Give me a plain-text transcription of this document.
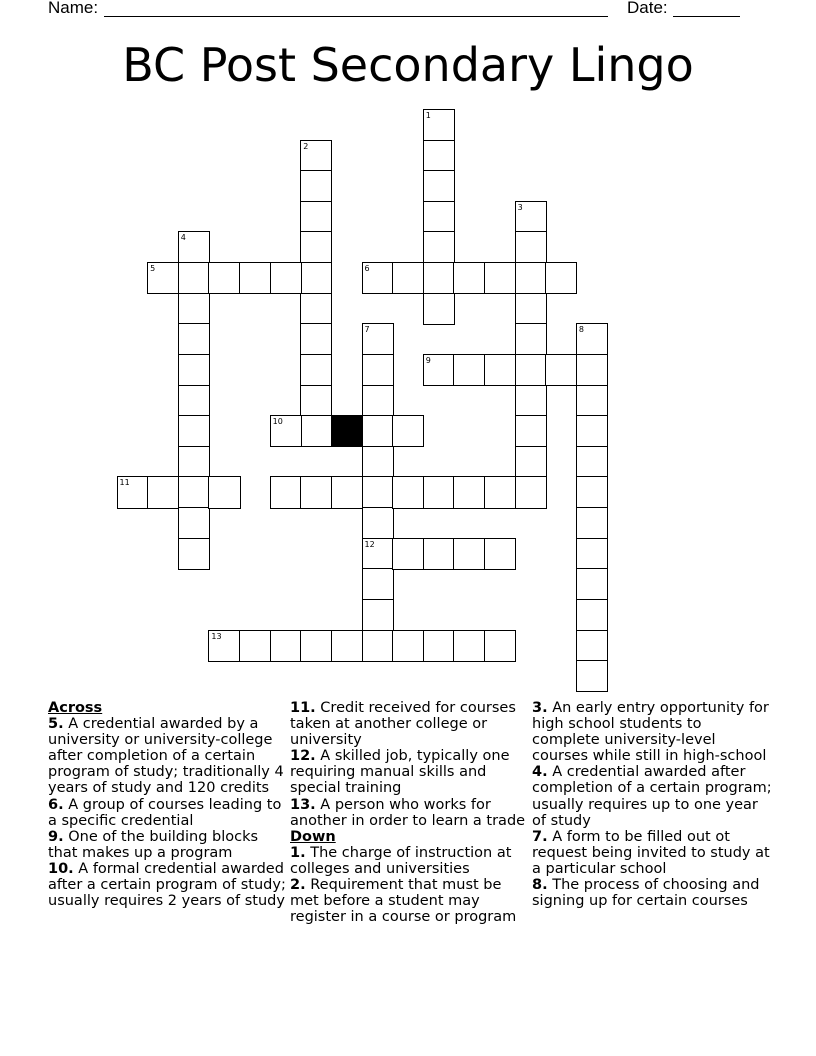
Name:	Date:
BC Post Secondary Lingo
1
2
3
4
5	6
7
12
9
8
10
11
13
Across
5. A credential awarded by a university or university-college after completion of a certain program of study; traditionally 4 years of study and 120 credits
6. A group of courses leading to a specific credential
9. One of the building blocks that makes up a program
10. A formal credential awarded after a certain program of study; usually requires 2 years of study
11. Credit received for courses taken at another college or university
12. A skilled job, typically one requiring manual skills and special training
13. A person who works for another in order to learn a trade
Down
1. The charge of instruction at colleges and universities
2. Requirement that must be met before a student may register in a course or program
3. An early entry opportunity for high school students to complete university-level courses while still in high-school
4. A credential awarded after completion of a certain program; usually requires up to one year of study
7. A form to be filled out ot request being invited to study at a particular school
8. The process of choosing and signing up for certain courses
